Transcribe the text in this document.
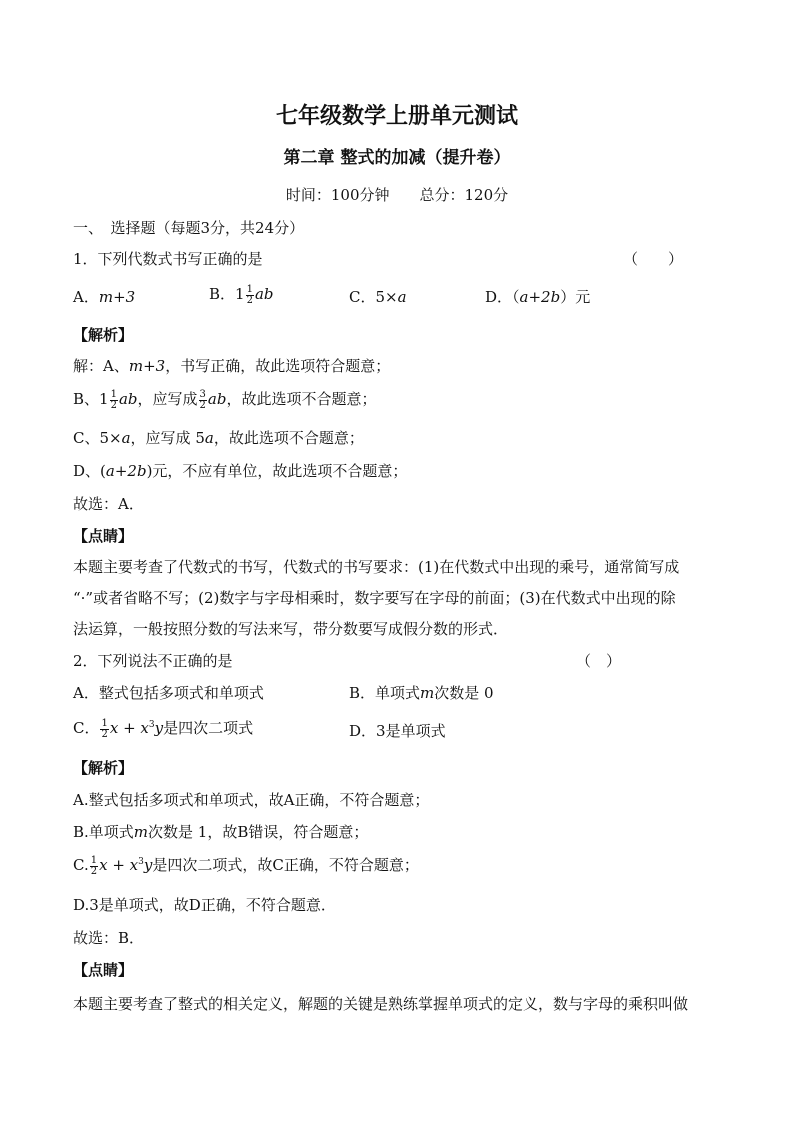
七年级数学上册单元测试
第二章 整式的加减（提升卷）
时间：100分钟　　总分：120分
一、　选择题（每题3分，共24分）
1．下列代数式书写正确的是	（　　）
A．m+3	B．$1 \frac{1}{2}$ ab	C．5×a	D．（a+2b）元
【解析】
解：A、m+3，书写正确，故此选项符合题意；
B、$1 \frac{1}{2}$ ab，应写成 $\frac{3}{2}$ ab，故此选项不合题意；
C、5×a，应写成 5a，故此选项不合题意；
D、(a+2b)元，不应有单位，故此选项不合题意；
故选：A．
【点睛】
本题主要考查了代数式的书写，代数式的书写要求：(1)在代数式中出现的乘号，通常简写成
“·”或者省略不写；(2)数字与字母相乘时，数字要写在字母的前面；(3)在代数式中出现的除
法运算，一般按照分数的写法来写，带分数要写成假分数的形式．
2．下列说法不正确的是	（　）
A．整式包括多项式和单项式	B．单项式m次数是 0
C． $\frac{1}{2}$ $x + x^3y$是四次二项式	D．3是单项式
【解析】
A.整式包括多项式和单项式，故A正确，不符合题意；
B.单项式m次数是 1，故B错误，符合题意；
C. $\frac{1}{2}$ $x + x^3y$是四次二项式，故C正确，不符合题意；
D.3是单项式，故D正确，不符合题意．
故选：B．
【点睛】
本题主要考查了整式的相关定义，解题的关键是熟练掌握单项式的定义，数与字母的乘积叫做
